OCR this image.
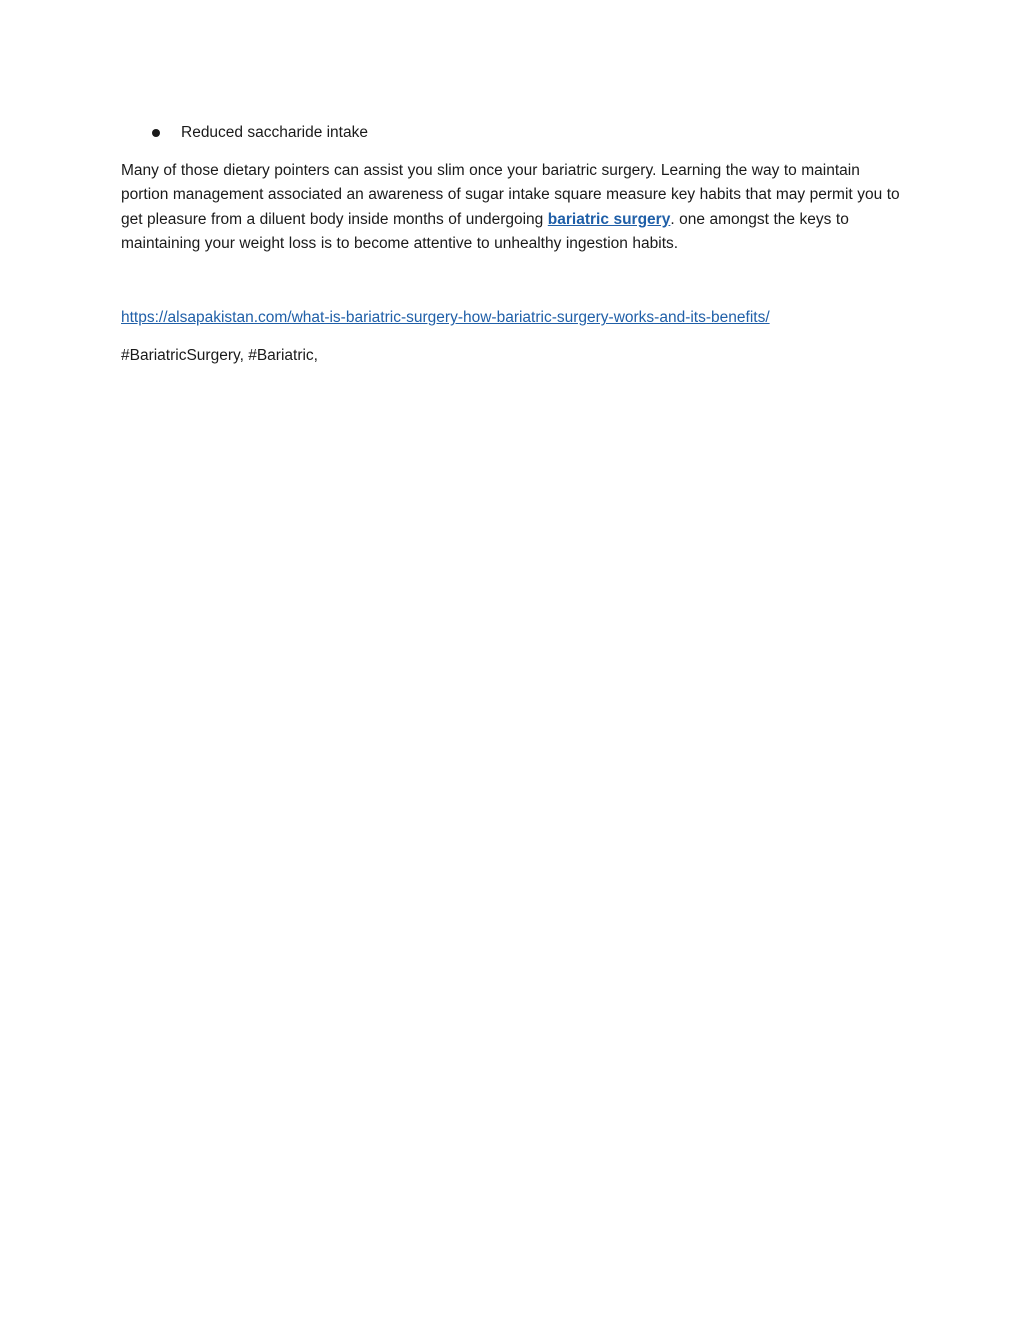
Reduced saccharide intake

Many of those dietary pointers can assist you slim once your bariatric surgery. Learning the way to maintain portion management associated an awareness of sugar intake square measure key habits that may permit you to get pleasure from a diluent body inside months of undergoing bariatric surgery. one amongst the keys to maintaining your weight loss is to become attentive to unhealthy ingestion habits.

https://alsapakistan.com/what-is-bariatric-surgery-how-bariatric-surgery-works-and-its-benefits/

#BariatricSurgery, #Bariatric,
